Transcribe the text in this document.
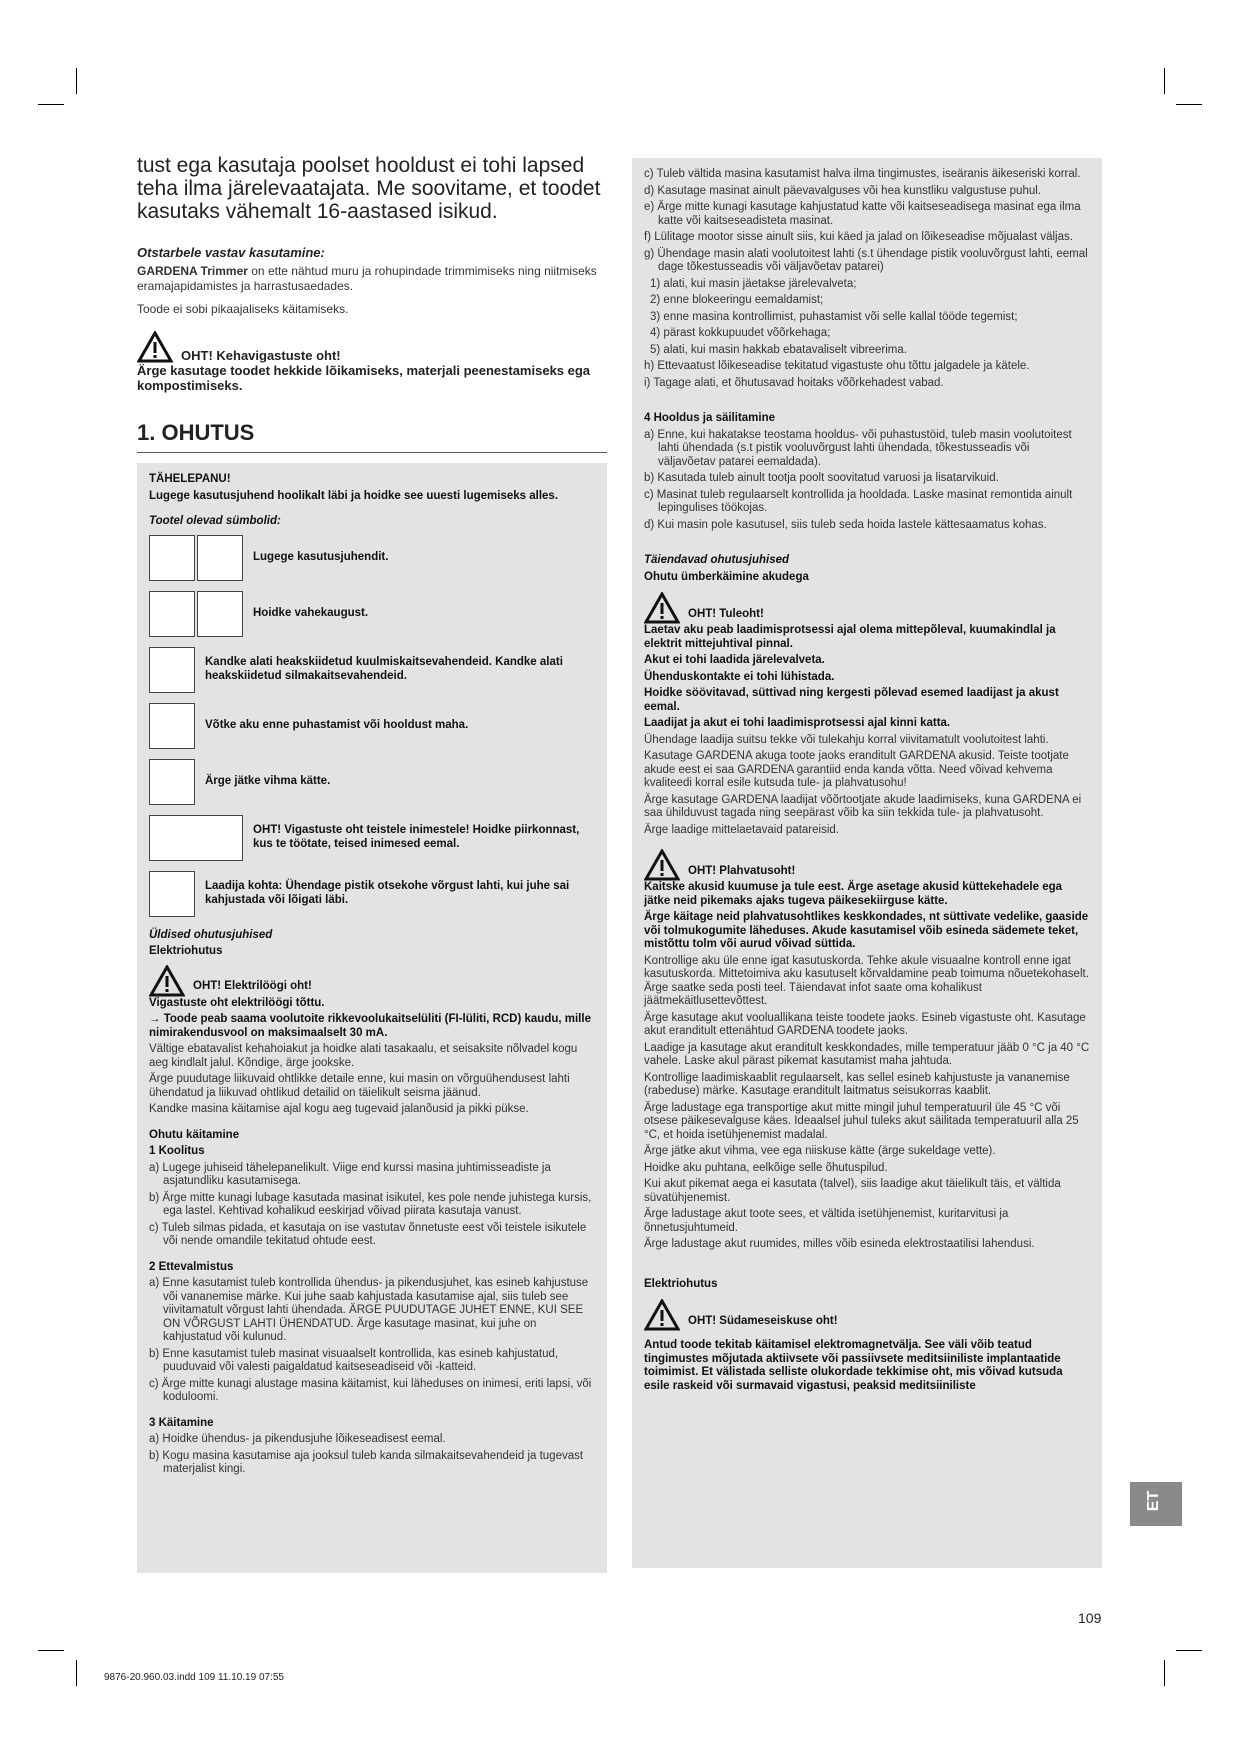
tust ega kasutaja poolset hooldust ei tohi lapsed teha ilma järelevaatajata. Me soovitame, et toodet kasutaks vähemalt 16-aastased isikud.

Otstarbele vastav kasutamine:

GARDENA Trimmer on ette nähtud muru ja rohupindade trimmimiseks ning niitmiseks eramajapidamistes ja harrastusaedades.

Toode ei sobi pikaajaliseks käitamiseks.

OHT! Kehavigastuste oht!

Ärge kasutage toodet hekkide lõikamiseks, materjali peenestamiseks ega kompostimiseks.

1. OHUTUS

TÄHELEPANU!

Lugege kasutusjuhend hoolikalt läbi ja hoidke see uuesti lugemiseks alles.

Tootel olevad sümbolid:

Lugege kasutusjuhendit.
Hoidke vahekaugust.
Kandke alati heakskiidetud kuulmiskaitsevahendeid. Kandke alati heakskiidetud silmakaitsevahendeid.
Võtke aku enne puhastamist või hooldust maha.
Ärge jätke vihma kätte.
OHT! Vigastuste oht teistele inimestele! Hoidke piirkonnast, kus te töötate, teised inimesed eemal.
Laadija kohta: Ühendage pistik otsekohe võrgust lahti, kui juhe sai kahjustada või lõigati läbi.

Üldised ohutusjuhised

Elektriohutus

OHT! Elektrilöögi oht!

Vigastuste oht elektrilöögi tõttu.

→ Toode peab saama voolutoite rikkevoolukaitselüliti (FI-lüliti, RCD) kaudu, mille nimirakendusvool on maksimaalselt 30 mA.

Vältige ebatavalist kehahoiakut ja hoidke alati tasakaalu, et seisaksite nõlvadel kogu aeg kindlalt jalul. Kõndige, ärge jookske.

Ärge puudutage liikuvaid ohtlikke detaile enne, kui masin on võrguühendusest lahti ühendatud ja liikuvad ohtlikud detailid on täielikult seisma jäänud.

Kandke masina käitamise ajal kogu aeg tugevaid jalanõusid ja pikki pükse.

Ohutu käitamine

1 Koolitus

a) Lugege juhiseid tähelepanelikult. Viige end kurssi masina juhtimisseadiste ja asjatundliku kasutamisega.

b) Ärge mitte kunagi lubage kasutada masinat isikutel, kes pole nende juhistega kursis, ega lastel. Kehtivad kohalikud eeskirjad võivad piirata kasutaja vanust.

c) Tuleb silmas pidada, et kasutaja on ise vastutav õnnetuste eest või teistele isikutele või nende omandile tekitatud ohtude eest.

2 Ettevalmistus

a) Enne kasutamist tuleb kontrollida ühendus- ja pikendusjuhet, kas esineb kahjustuse või vananemise märke. Kui juhe saab kahjustada kasutamise ajal, siis tuleb see viivitamatult võrgust lahti ühendada. ÄRGE PUUDUTAGE JUHET ENNE, KUI SEE ON VÕRGUST LAHTI ÜHENDATUD. Ärge kasutage masinat, kui juhe on kahjustatud või kulunud.

b) Enne kasutamist tuleb masinat visuaalselt kontrollida, kas esineb kahjustatud, puuduvaid või valesti paigaldatud kaitseseadiseid või -katteid.

c) Ärge mitte kunagi alustage masina käitamist, kui läheduses on inimesi, eriti lapsi, või koduloomi.

3 Käitamine

a) Hoidke ühendus- ja pikendusjuhe lõikeseadisest eemal.

b) Kogu masina kasutamise aja jooksul tuleb kanda silmakaitsevahendeid ja tugevast materjalist kingi.

c) Tuleb vältida masina kasutamist halva ilma tingimustes, iseäranis äikeseriski korral.

d) Kasutage masinat ainult päevavalguses või hea kunstliku valgustuse puhul.

e) Ärge mitte kunagi kasutage kahjustatud katte või kaitseseadisega masinat ega ilma katte või kaitseseadisteta masinat.

f) Lülitage mootor sisse ainult siis, kui käed ja jalad on lõikeseadise mõjualast väljas.

g) Ühendage masin alati voolutoitest lahti (s.t ühendage pistik vooluvõrgust lahti, eemal dage tõkestusseadis või väljavõetav patarei)

1) alati, kui masin jäetakse järelevalveta;

2) enne blokeeringu eemaldamist;

3) enne masina kontrollimist, puhastamist või selle kallal tööde tegemist;

4) pärast kokkupuudet võõrkehaga;

5) alati, kui masin hakkab ebatavaliselt vibreerima.

h) Ettevaatust lõikeseadise tekitatud vigastuste ohu tõttu jalgadele ja kätele.

i) Tagage alati, et õhutusavad hoitaks võõrkehadest vabad.

4 Hooldus ja säilitamine

a) Enne, kui hakatakse teostama hooldus- või puhastustöid, tuleb masin voolutoitest lahti ühendada (s.t pistik vooluvõrgust lahti ühendada, tõkestusseadis või väljavõetav patarei eemaldada).

b) Kasutada tuleb ainult tootja poolt soovitatud varuosi ja lisatarvikuid.

c) Masinat tuleb regulaarselt kontrollida ja hooldada. Laske masinat remontida ainult lepingulises töökojas.

d) Kui masin pole kasutusel, siis tuleb seda hoida lastele kättesaamatus kohas.

Täiendavad ohutusjuhised

Ohutu ümberkäimine akudega

OHT! Tuleoht!

Laetav aku peab laadimisprotsessi ajal olema mittepõleval, kuumakindlal ja elektrit mittejuhtival pinnal.

Akut ei tohi laadida järelevalveta.

Ühenduskontakte ei tohi lühistada.

Hoidke söövitavad, süttivad ning kergesti põlevad esemed laadijast ja akust eemal.

Laadijat ja akut ei tohi laadimisprotsessi ajal kinni katta.

Ühendage laadija suitsu tekke või tulekahju korral viivitamatult voolutoitest lahti.

Kasutage GARDENA akuga toote jaoks eranditult GARDENA akusid. Teiste tootjate akude eest ei saa GARDENA garantiid enda kanda võtta. Need võivad kehvema kvaliteedi korral esile kutsuda tule- ja plahvatusohu!

Ärge kasutage GARDENA laadijat võõrtootjate akude laadimiseks, kuna GARDENA ei saa ühilduvust tagada ning seepärast võib ka siin tekkida tule- ja plahvatusoht.

Ärge laadige mittelaetavaid patareisid.

OHT! Plahvatusoht!

Kaitske akusid kuumuse ja tule eest. Ärge asetage akusid küttekehadele ega jätke neid pikemaks ajaks tugeva päikesekiirguse kätte.

Ärge käitage neid plahvatusohtlikes keskkondades, nt süttivate vedelike, gaaside või tolmukogumite läheduses. Akude kasutamisel võib esineda sädemete teket, mistõttu tolm või aurud võivad süttida.

Kontrollige aku üle enne igat kasutuskorda. Tehke akule visuaalne kontroll enne igat kasutuskorda. Mittetoimiva aku kasutuselt kõrvaldamine peab toimuma nõuetekohaselt. Ärge saatke seda posti teel. Täiendavat infot saate oma kohalikust jäätmekäitlusettevõttest.

Ärge kasutage akut vooluallikana teiste toodete jaoks. Esineb vigastuste oht. Kasutage akut eranditult ettenähtud GARDENA toodete jaoks.

Laadige ja kasutage akut eranditult keskkondades, mille temperatuur jääb 0 °C ja 40 °C vahele. Laske akul pärast pikemat kasutamist maha jahtuda.

Kontrollige laadimiskaablit regulaarselt, kas sellel esineb kahjustuste ja vananemise (rabeduse) märke. Kasutage eranditult laitmatus seisukorras kaablit.

Ärge ladustage ega transportige akut mitte mingil juhul temperatuuril üle 45 °C või otsese päikesevalguse käes. Ideaalsel juhul tuleks akut säilitada temperatuuril alla 25 °C, et hoida isetühjenemist madalal.

Ärge jätke akut vihma, vee ega niiskuse kätte (ärge sukeldage vette).

Hoidke aku puhtana, eelkõige selle õhutuspilud.

Kui akut pikemat aega ei kasutata (talvel), siis laadige akut täielikult täis, et vältida süvatühjenemist.

Ärge ladustage akut toote sees, et vältida isetühjenemist, kuritarvitusi ja õnnetusjuhtumeid.

Ärge ladustage akut ruumides, milles võib esineda elektrostaatilisi lahendusi.

Elektriohutus

OHT! Südameseiskuse oht!

Antud toode tekitab käitamisel elektromagnetvälja. See väli võib teatud tingimustes mõjutada aktiivsete või passiivsete meditsiiniliste implantaatide toimimist. Et välistada selliste olukordade tekkimise oht, mis võivad kutsuda esile raskeid või surmavaid vigastusi, peaksid meditsiiniliste

ET
109
9876-20.960.03.indd 109 11.10.19 07:55
